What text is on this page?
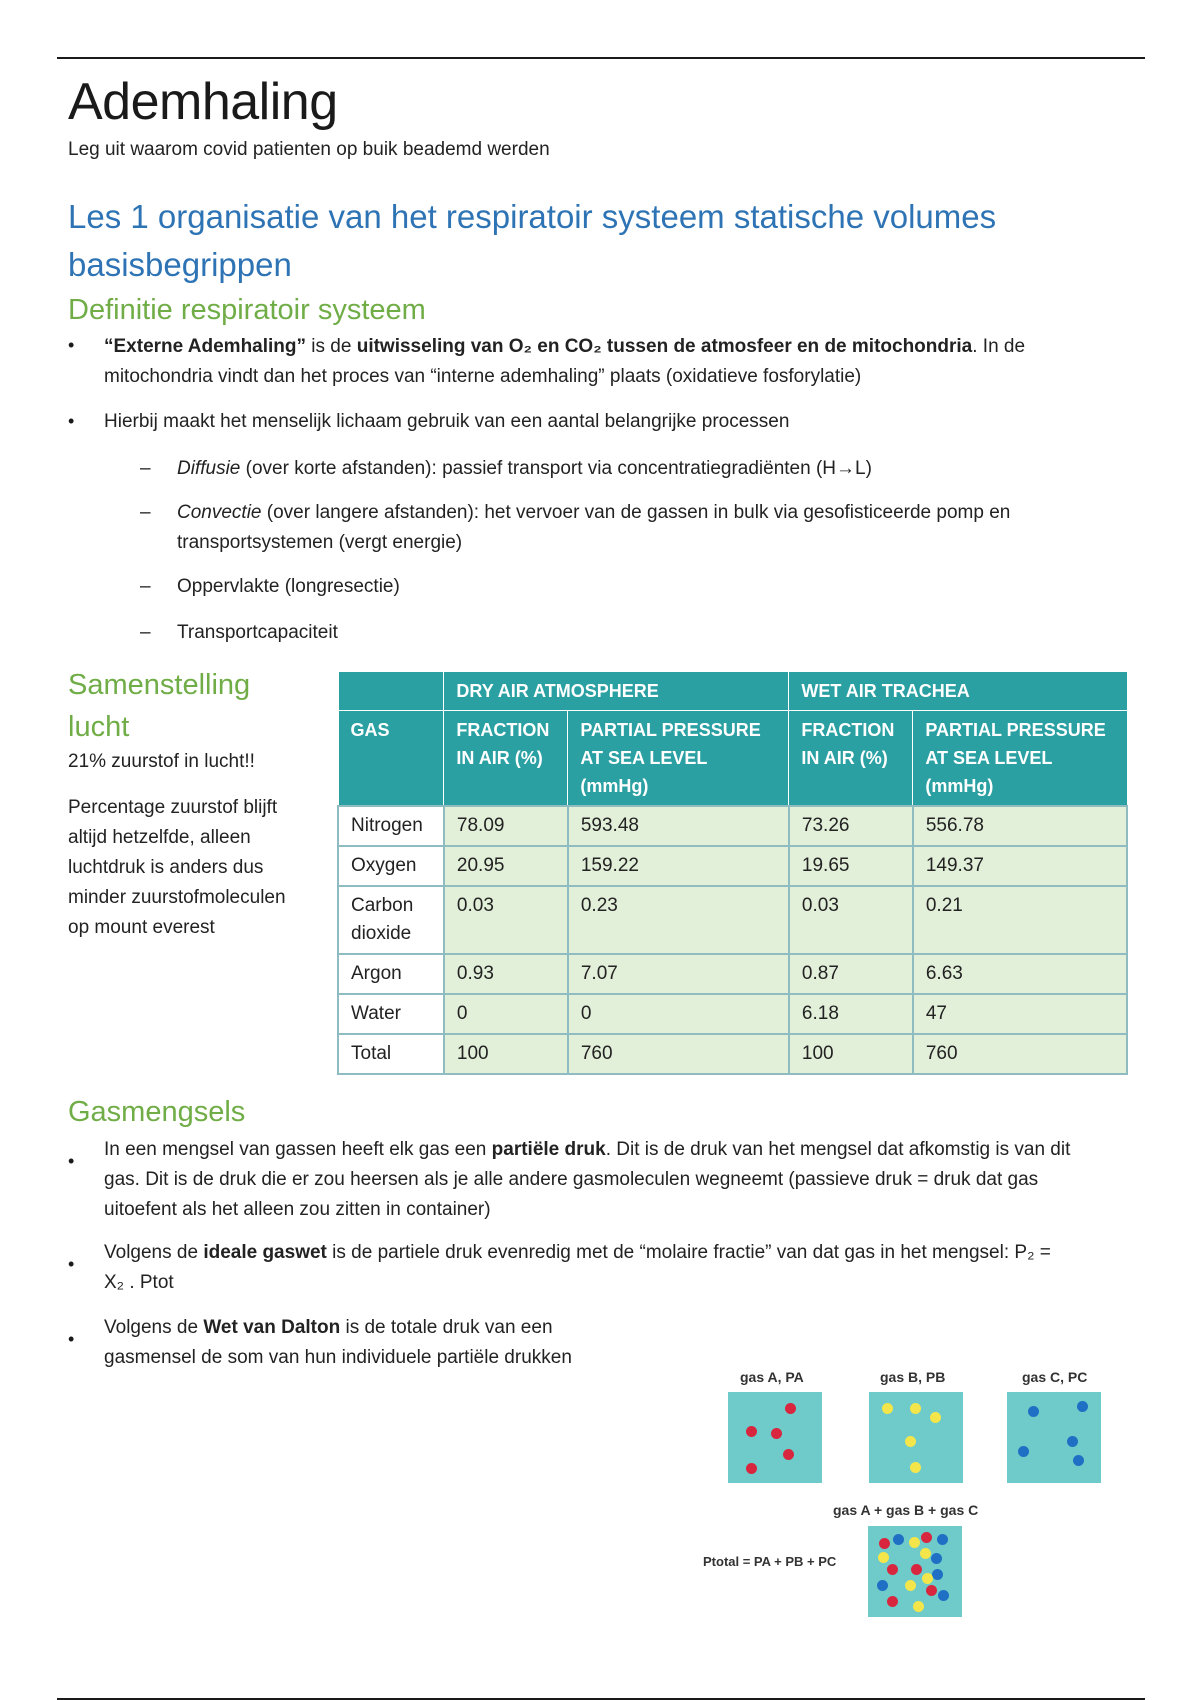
Ademhaling
Leg uit waarom covid patienten op buik beademd werden
Les 1 organisatie van het respiratoir systeem statische volumes basisbegrippen
Definitie respiratoir systeem
• “Externe Ademhaling” is de uitwisseling van O₂ en CO₂ tussen de atmosfeer en de mitochondria. In de
mitochondria vindt dan het proces van “interne ademhaling” plaats (oxidatieve fosforylatie)
• Hierbij maakt het menselijk lichaam gebruik van een aantal belangrijke processen
– Diffusie (over korte afstanden): passief transport via concentratiegradiënten (H→L)
– Convectie (over langere afstanden): het vervoer van de gassen in bulk via gesofisticeerde pomp en
transportsystemen (vergt energie)
– Oppervlakte (longresectie)
– Transportcapaciteit
Samenstelling
lucht
21% zuurstof in lucht!!
Percentage zuurstof blijft
altijd hetzelfde, alleen
luchtdruk is anders dus
minder zuurstofmoleculen
op mount everest
	DRY AIR ATMOSPHERE		WET AIR TRACHEA	
GAS	FRACTION IN AIR (%)	PARTIAL PRESSURE AT SEA LEVEL (mmHg)	FRACTION IN AIR (%)	PARTIAL PRESSURE AT SEA LEVEL (mmHg)
Nitrogen	78.09	593.48	73.26	556.78
Oxygen	20.95	159.22	19.65	149.37
Carbon dioxide	0.03	0.23	0.03	0.21
Argon	0.93	7.07	0.87	6.63
Water	0	0	6.18	47
Total	100	760	100	760
Gasmengsels
•
In een mengsel van gassen heeft elk gas een partiële druk. Dit is de druk van het mengsel dat afkomstig is van dit
gas. Dit is de druk die er zou heersen als je alle andere gasmoleculen wegneemt (passieve druk = druk dat gas
uitoefent als het alleen zou zitten in container)
•
Volgens de ideale gaswet is de partiele druk evenredig met de “molaire fractie” van dat gas in het mengsel: P₂ =
X₂ . Ptot
•
Volgens de Wet van Dalton is de totale druk van een
gasmensel de som van hun individuele partiële drukken
gas A, PA	gas B, PB	gas C, PC
gas A + gas B + gas C
Ptotal = PA + PB + PC
